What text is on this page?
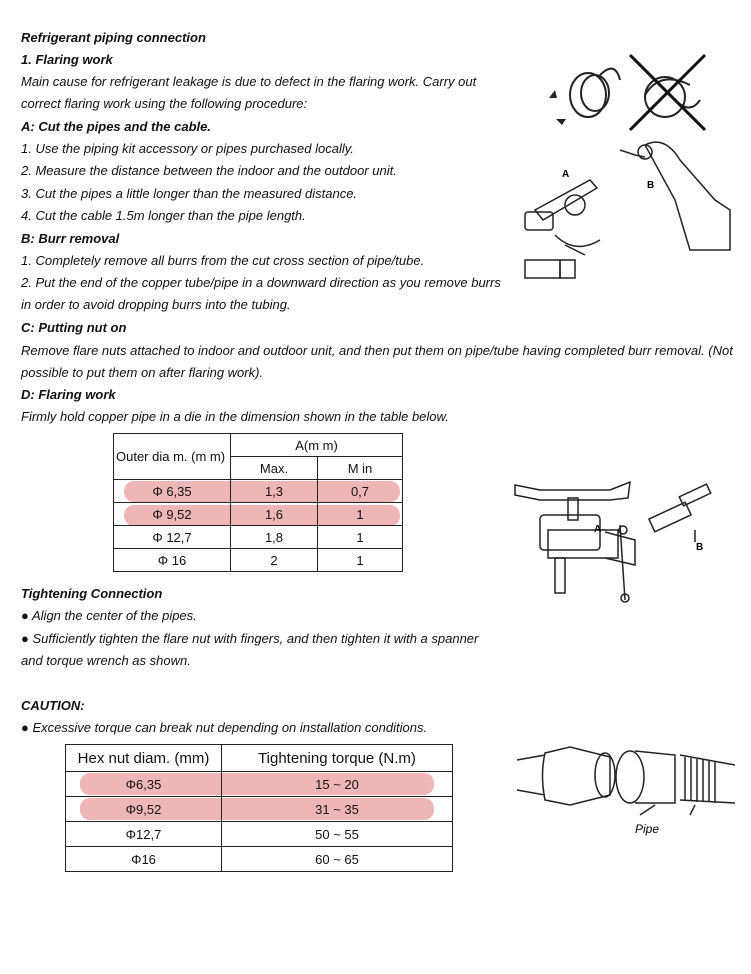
Refrigerant piping connection
1. Flaring work
Main cause for refrigerant leakage is due to defect in the flaring work. Carry out
correct flaring work using the following procedure:
A: Cut the pipes and the cable.
1. Use the piping kit accessory or pipes purchased locally.
2. Measure the distance between the indoor and the outdoor unit.
3. Cut the pipes a little longer than the measured distance.
4. Cut the cable 1.5m longer than the pipe length.
B: Burr removal
1. Completely remove all burrs from the cut cross section of pipe/tube.
2. Put the end of the copper tube/pipe in a downward direction as you remove burrs
in order to avoid dropping burrs into the tubing.
C: Putting nut on
Remove flare nuts attached to indoor and outdoor unit, and then put them on pipe/tube having completed burr removal. (Not
possible to put them on after flaring work).
D: Flaring work
Firmly hold copper pipe in a die in the dimension shown in the table below.
Tightening Connection
● Align the center of the pipes.
● Sufficiently tighten the flare nut with fingers, and then tighten it with a spanner
and torque wrench as shown.
CAUTION:
● Excessive torque can break nut depending on installation conditions.
Outer dia m. (m m)	A(m m)	
	Max.	M in
Φ 6,35	1,3	0,7
Φ 9,52	1,6	1
Φ 12,7	1,8	1
Φ 16	2	1
Hex nut diam. (mm)	Tightening torque (N.m)
Φ6,35	15 ~ 20
Φ9,52	31 ~ 35
Φ12,7	50 ~ 55
Φ16	60 ~ 65
A
B
A
B
Pipe
